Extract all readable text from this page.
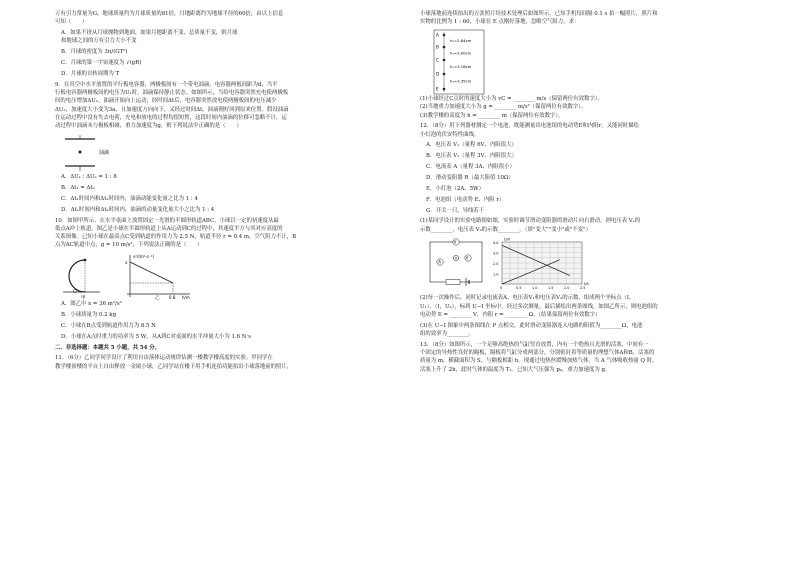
万有引力常量为G，地球质量约为月球质量的81倍，月地距离约为地球半径的60倍，由以上信息

可知（　　）

A．如果不挤从月球抛物到地面，如果月地距离不变，总质量不变，则月球

和地球之间的万有引力大小不变

B．月球的密度为 3π/(GT²)

C．月球的第一宇宙速度为 √(gR)

D．月球的自转周期为 T

9．在真空中水平放置的平行板电容器，两极板间有一个带电油滴，电容器两板间距为d，当平

行板电容器两极板间的电压为U₁时，油滴保持静止状态。如图所示，当给电容器突然充电使两极板

间的电压增加ΔU₁，油滴开始向上运动；经时间Δt后，电容器突然放电使两极板间的电压减少

ΔU₂，加速度大小变为3a，且加速度方向向下，又经过时间Δt，油滴刚好回到原来位置。假设油滴

在运动过程中没有失去电荷，充电和放电的过程均很短暂，这段时间内油滴的位移可忽略不计，运

动过程中油滴未与极板相碰，重力加速度为g，则下列说法中正确的是（　　）

油滴

A．ΔU₁ : ΔU₂ = 1 : 8

B．Δt₁ = Δt₂

C．Δt₁时间内和Δt₂时间内，油滴动能变化量之比为 1 : 4

D．Δt₁时间内和Δt₂时间内，油滴的动量变化量大小之比为 1 : 4

10．如图甲所示，在水平桌面上放置固定一光滑的半圆形轨道ABC，小球以一定的初速度从最

低点A冲上轨道，图乙是小球在半圆形轨道上从A运动到C的过程中，其速度平方与其对应高度的

关系图像。已知小球在最高点C受到轨道的作用力为 2.5 N，轨道半径 r = 0.4 m，空气阻力不计，B

点为AC轨道中点，g = 10 m/s²，下列说法正确的是（　　）

甲
v²/(m²·s⁻²)
h/m
x
0.8
乙

A．图乙中 x = 36 m²/s²

B．小球质量为 0.2 kg

C．小球在B点受到轨道作用力为 8.5 N

D．小球在A点时重力的功率为 5 W，从A到C对桌面的水平冲量大小为 1.6 N·s

二、非选择题：本题共 5 小题，共 54 分。

11．（6分）乙同学同学设计了利用自由落体运动规律估测一楼教学楼高度的实验。甲同学在

教学楼顶楼的平台上自由释放一金属小球，乙同学站在楼下用手机连拍功能拍出小球落地前的照片，

小球落地前连续拍出的五张照片经技术处理后如图所示。已知手机每间隔 0.1 s 拍一幅照片，照片和

实物的比例为 1 : 60，小球在 E 点刚好落地，忽略空气阻力。求：

A
B
C
D
E
h₁=2.84cm
h₁=3.00cm
h₁=3.16cm
h₁=3.35cm

(1)小球经过C点时的速度大小为 vC = ________ m/s（保留两位有效数字）。

(2)当地重力加速度大小为 g = ________ m/s²（保留两位有效数字）。

(3)教学楼的高度为 h = ________ m（保留两位有效数字）。

12．（8分）用下列器材测定一个电池，既能测量出电池组的电动势E和内阻r，又能同时描绘

小灯泡的伏安特性曲线。

A．电压表 V₁（量程 6V、内阻很大）

B．电压表 V₂（量程 3V、内阻很大）

C．电流表 A（量程 3A、内阻很小）

D．滑动变阻器 R（最大阻值 10Ω）

E．小灯泡（2A、5W）

F．电池组（电动势 E、内阻 r）

G．开关一只，导线若干

(1)某同学设计的实验电路图如图，实验时调节滑动变阻器的滑动片向右滑动，则电压表 V₁的

示数________，电压表 V₂的示数________。（填"变大""变小"或"不变"）

V
V
A
4.0
3.0
2.0
1.0
0	0.5	1.0	1.5	2.0	2.5
U/V
I/A

(2)每一次操作后，同时记录电流表A、电压表V₁和电压表V₂的示数，组成两个坐标点（I，

U₁）、（I，U₂），标到 U−I 坐标中，经过多次测量，最后描绘出两条图线，如图乙所示，则电池组的

电动势 E = ________ V，内阻 r = ________ Ω。（结果保留两位有效数字）

(3)在 U−I 图象中两条图线在 P 点相交，此时滑动变阻器连入电路的阻值为________Ω，电池

组的效率为________。

13．（8分）如图所示，一个足够高绝热的气缸竖直放置，内有一个绝热且光滑的活塞，中间有一

个固定的导热性良好的隔板，隔板将气缸分成两部分，分别密封着等质量的理想气体A和B，活塞的

质量为 m，横截面积为 S，与隔板相距 h。现通过电热丝缓慢加热气体，当 A 气体吸收热量 Q 时，

活塞上升了 2h，此时气体的温度为 T₁。已知大气压强为 p₀，重力加速度为 g。
